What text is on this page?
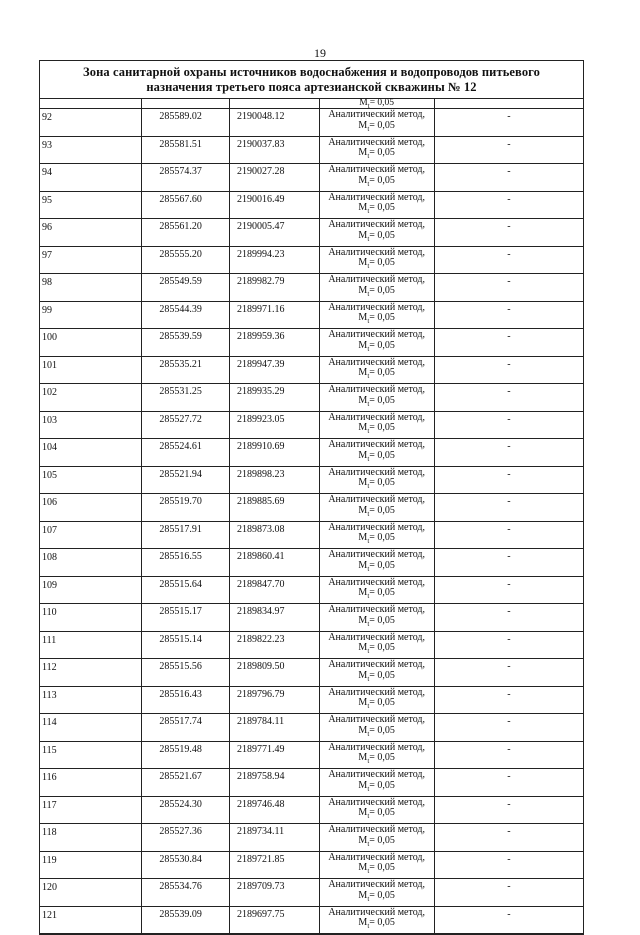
19
Зона санитарной охраны источников водоснабжения и водопроводов питьевого
назначения третьего пояса артезианской скважины № 12
			$M_t= 0,05$	
92	285589.02	2190048.12	Аналитический метод,
$M_t= 0,05$	-
93	285581.51	2190037.83	Аналитический метод,
$M_t= 0,05$	-
94	285574.37	2190027.28	Аналитический метод,
$M_t= 0,05$	-
95	285567.60	2190016.49	Аналитический метод,
$M_t= 0,05$	-
96	285561.20	2190005.47	Аналитический метод,
$M_t= 0,05$	-
97	285555.20	2189994.23	Аналитический метод,
$M_t= 0,05$	-
98	285549.59	2189982.79	Аналитический метод,
$M_t= 0,05$	-
99	285544.39	2189971.16	Аналитический метод,
$M_t= 0,05$	-
100	285539.59	2189959.36	Аналитический метод,
$M_t= 0,05$	-
101	285535.21	2189947.39	Аналитический метод,
$M_t= 0,05$	-
102	285531.25	2189935.29	Аналитический метод,
$M_t= 0,05$	-
103	285527.72	2189923.05	Аналитический метод,
$M_t= 0,05$	-
104	285524.61	2189910.69	Аналитический метод,
$M_t= 0,05$	-
105	285521.94	2189898.23	Аналитический метод,
$M_t= 0,05$	-
106	285519.70	2189885.69	Аналитический метод,
$M_t= 0,05$	-
107	285517.91	2189873.08	Аналитический метод,
$M_t= 0,05$	-
108	285516.55	2189860.41	Аналитический метод,
$M_t= 0,05$	-
109	285515.64	2189847.70	Аналитический метод,
$M_t= 0,05$	-
110	285515.17	2189834.97	Аналитический метод,
$M_t= 0,05$	-
111	285515.14	2189822.23	Аналитический метод,
$M_t= 0,05$	-
112	285515.56	2189809.50	Аналитический метод,
$M_t= 0,05$	-
113	285516.43	2189796.79	Аналитический метод,
$M_t= 0,05$	-
114	285517.74	2189784.11	Аналитический метод,
$M_t= 0,05$	-
115	285519.48	2189771.49	Аналитический метод,
$M_t= 0,05$	-
116	285521.67	2189758.94	Аналитический метод,
$M_t= 0,05$	-
117	285524.30	2189746.48	Аналитический метод,
$M_t= 0,05$	-
118	285527.36	2189734.11	Аналитический метод,
$M_t= 0,05$	-
119	285530.84	2189721.85	Аналитический метод,
$M_t= 0,05$	-
120	285534.76	2189709.73	Аналитический метод,
$M_t= 0,05$	-
121	285539.09	2189697.75	Аналитический метод,
$M_t= 0,05$	-
